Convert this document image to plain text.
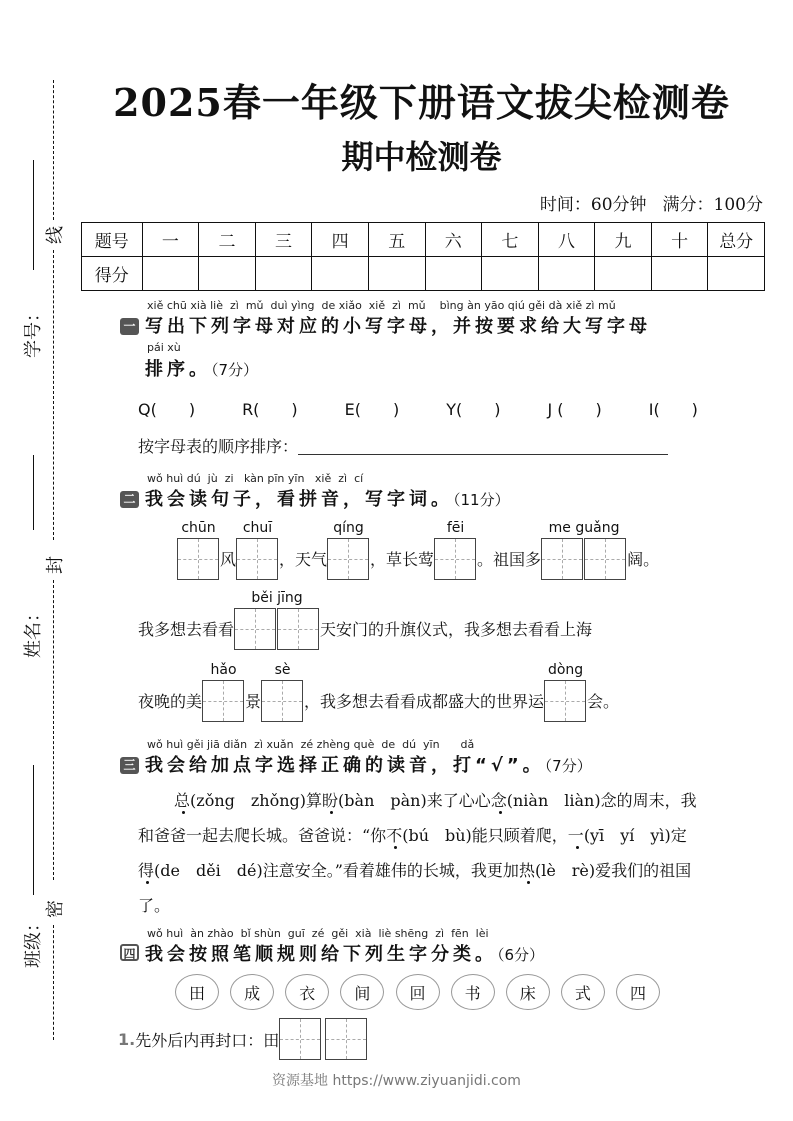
学号：
姓名：
班级：
线
封
密
2025春一年级下册语文拔尖检测卷
期中检测卷
时间：60分钟 满分：100分
题号	一	二	三	四	五	六	七	八	九	十	总分
得分											
xiě chū xià liè  zì  mǔ  duì yìng  de xiǎo  xiě  zì  mǔ    bìng àn yāo qiú gěi dà xiě zì mǔ
一 写出下列字母对应的小写字母，并按要求给大写字母
pái xù
排序。（7分）
Q(　　)	R(　　)	E(　　)	Y(　　)	J (　　)	I(　　)
按字母表的顺序排序：
wǒ huì dú  jù  zi   kàn pīn yīn   xiě  zì  cí
二 我会读句子，看拼音，写字词。（11分）
chūn
风
chuī
，天气
qíng
，草长莺
fēi
。祖国多
me guǎng
阔。
我多想去看看
běi jīng
天安门的升旗仪式，我多想去看看上海
夜晚的美
hǎo
景
sè
，我多想去看看成都盛大的世界运
dòng
会。
wǒ huì gěi jiā diǎn  zì xuǎn  zé zhèng què  de  dú  yīn      dǎ
三 我会给加点字选择正确的读音，打“√”。（7分）
总(zǒng　zhǒng)算盼(bàn　pàn)来了心心念(niàn　liàn)念的周末，我和爸爸一起去爬长城。爸爸说：“你不(bú　bù)能只顾着爬，一(yī　yí　yì)定得(de　děi　dé)注意安全。”看着雄伟的长城，我更加热(lè　rè)爱我们的祖国了。
wǒ huì  àn zhào  bǐ shùn  guī  zé  gěi  xià  liè shēng  zì  fēn  lèi
四 我会按照笔顺规则给下列生字分类。（6分）
田	成	衣	间	回	书	床	式	四
1. 先外后内再封口：田
资源基地 https://www.ziyuanjidi.com
